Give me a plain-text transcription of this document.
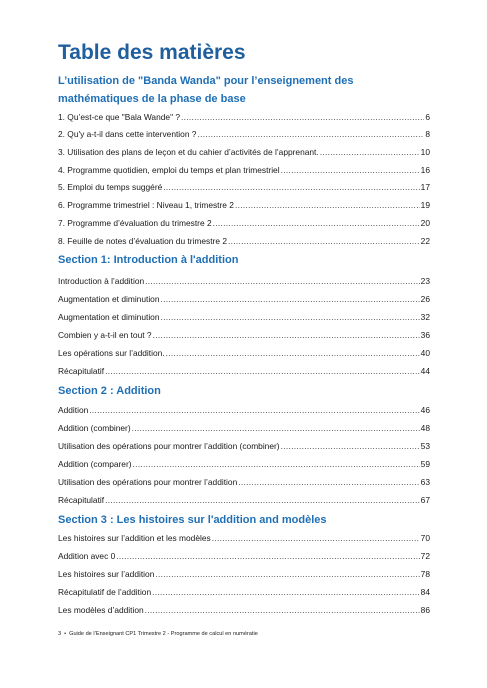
Table des matières
L’utilisation de "Banda Wanda" pour l’enseignement des mathématiques de la phase de base
1. Qu’est-ce que "Bala Wande" ? .....	6
2. Qu'y a-t-il dans cette intervention ? .....	8
3. Utilisation des plans de leçon et du cahier d’activités de l’apprenant. .....	10
4. Programme quotidien, emploi du temps et plan trimestriel .....	16
5. Emploi du temps suggéré .....	17
6. Programme trimestriel : Niveau 1, trimestre 2 .....	19
7. Programme d’évaluation du trimestre 2 .....	20
8. Feuille de notes d’évaluation du trimestre 2 .....	22
Section 1: Introduction à l'addition
Introduction à l’addition .....	23
Augmentation et diminution .....	26
Augmentation et diminution .....	32
Combien y a-t-il en tout ? .....	36
Les opérations sur l’addition. .....	40
Récapitulatif .....	44
Section 2 : Addition
Addition .....	46
Addition (combiner) .....	48
Utilisation des opérations pour montrer l’addition (combiner) .....	53
Addition (comparer) .....	59
Utilisation des opérations pour montrer l’addition .....	63
Récapitulatif .....	67
Section 3 : Les histoires sur l'addition and modèles
Les histoires sur l’addition et les modèles .....	70
Addition avec 0 .....	72
Les histoires sur l’addition .....	78
Récapitulatif de l’addition .....	84
Les modèles d’addition .....	86
3 • Guide de l’Enseignant CP1 Trimestre 2 - Programme de calcul en numératie
